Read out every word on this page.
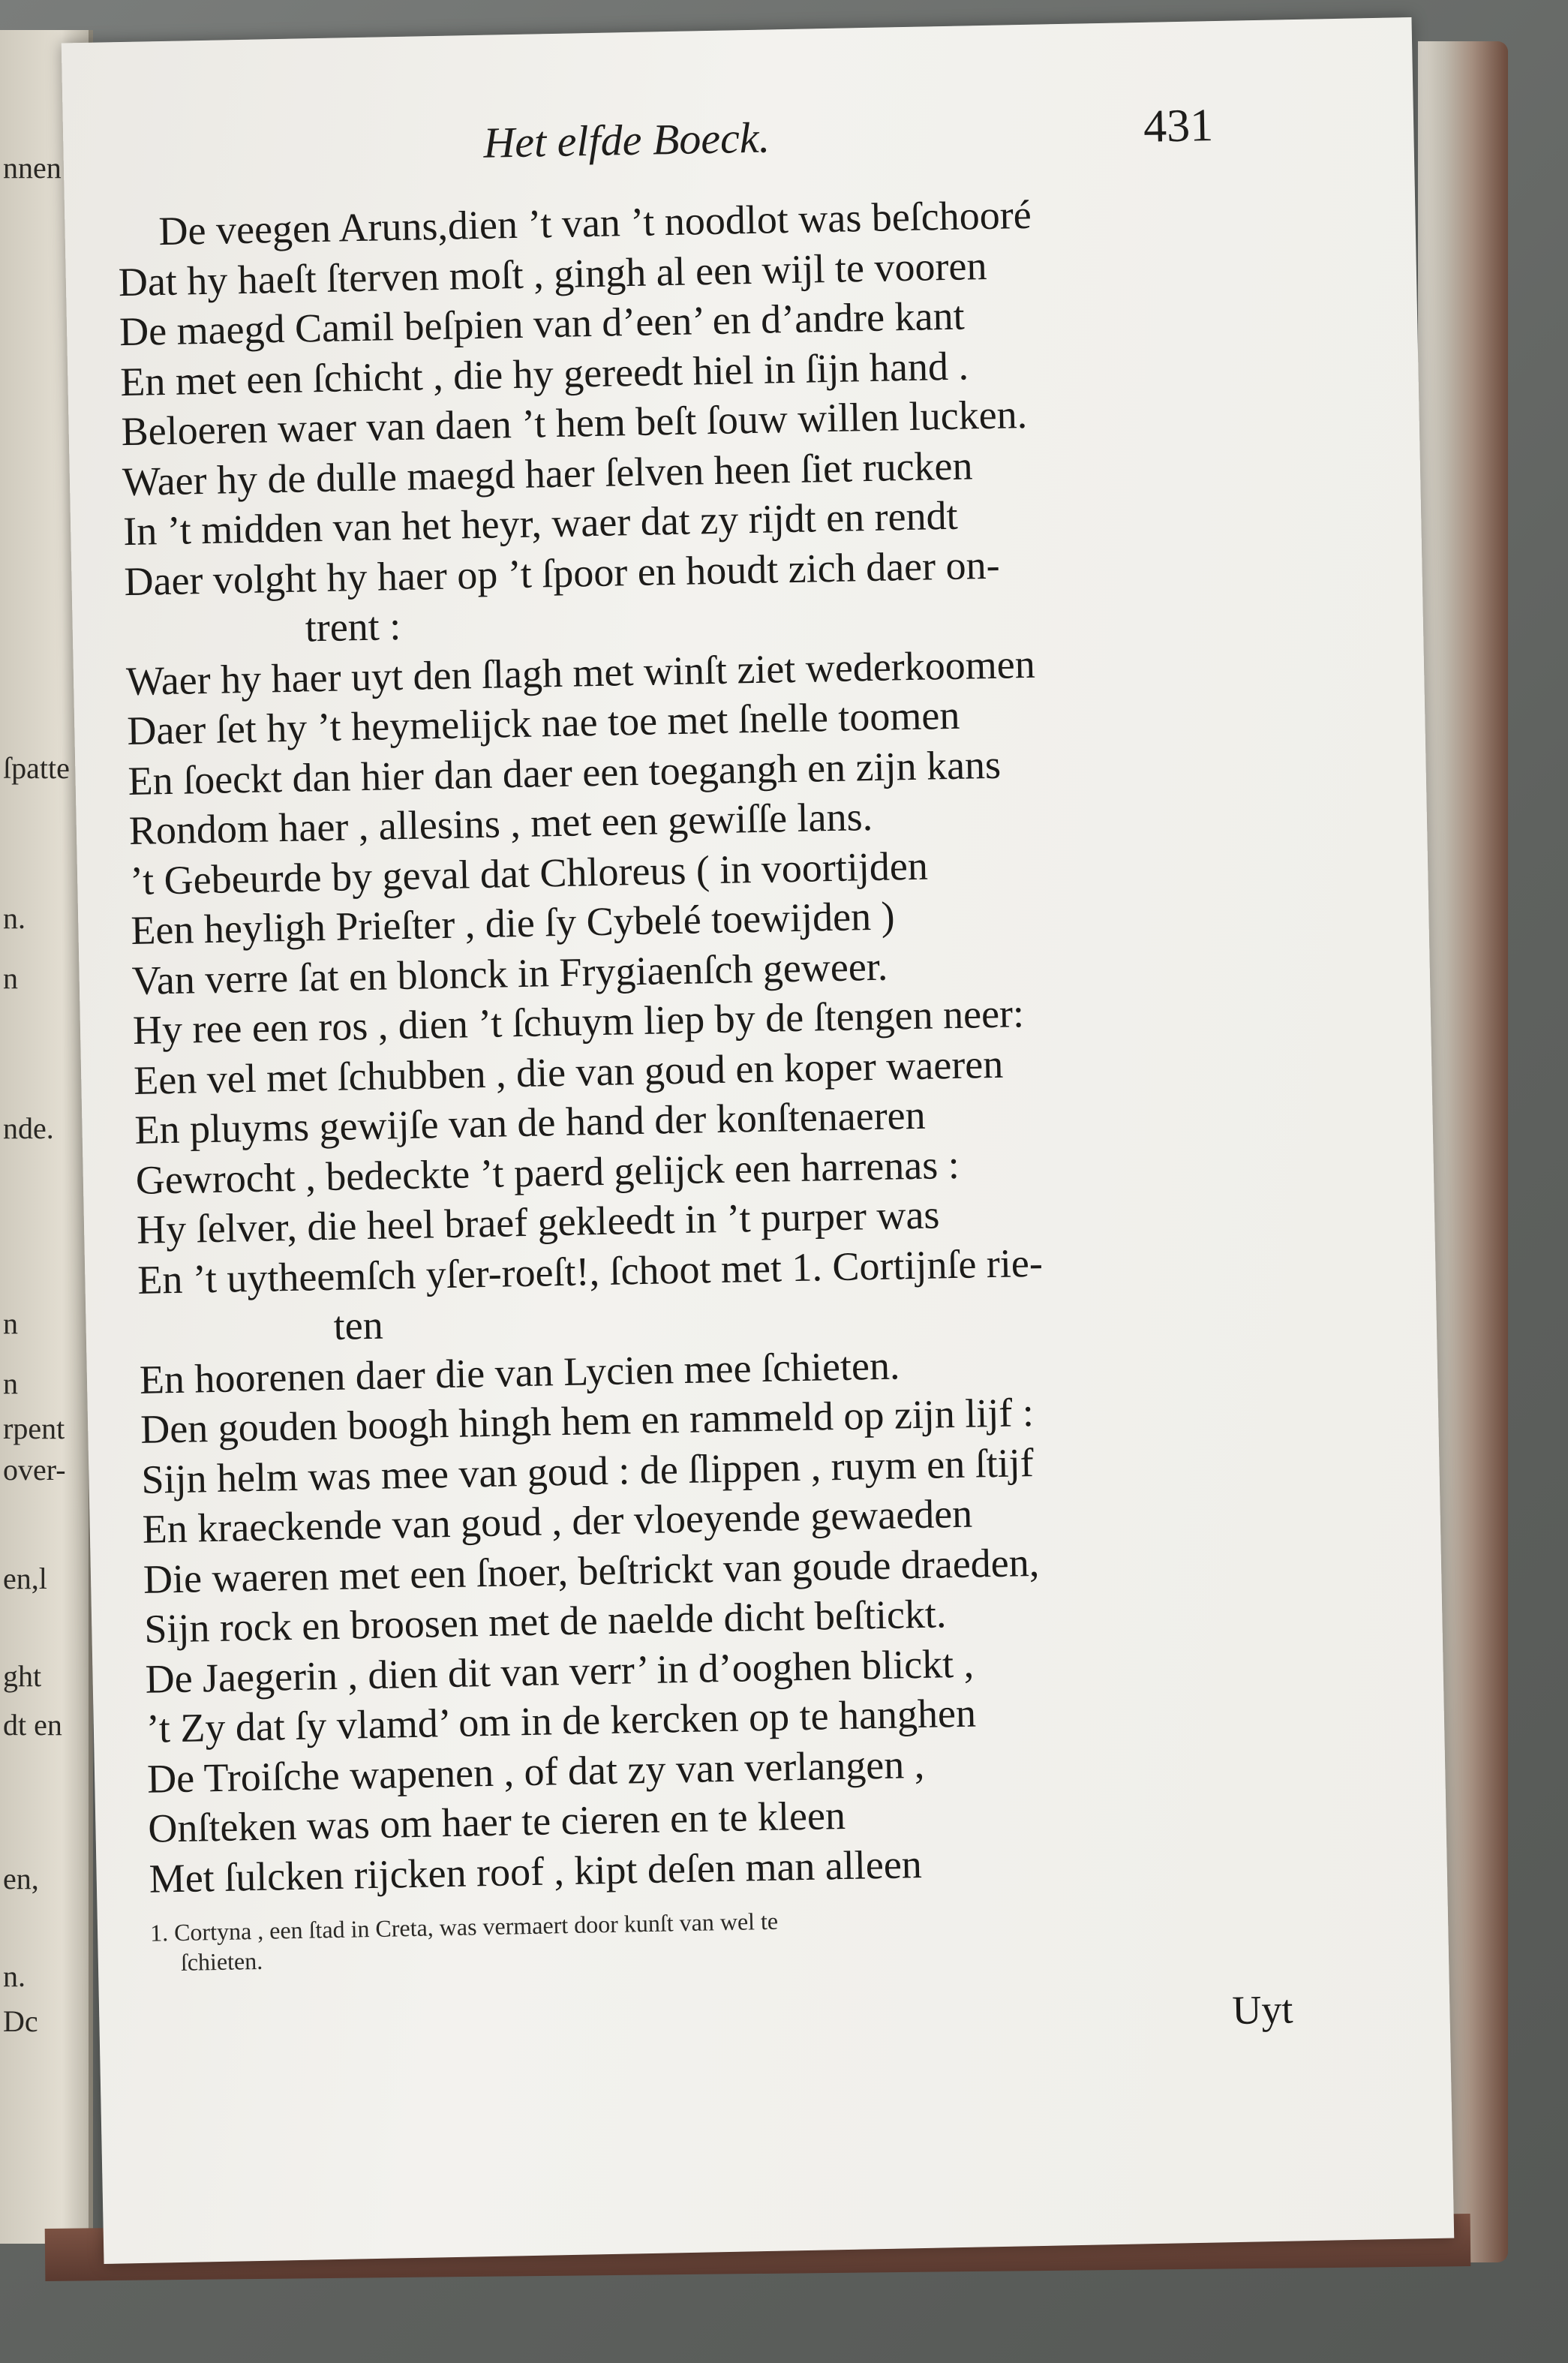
nnen
ſpatte
n.
n
nde.
n
n
rpent
over-
en,l
ght
dt en
en,
n.
Dc
Het elfde Boeck.	431
De veegen Aruns,dien ’t van ’t noodlot was beſchooré
Dat hy haeſt ſterven moſt , gingh al een wijl te vooren
De maegd Camil beſpien van d’een’ en d’andre kant
En met een ſchicht , die hy gereedt hiel in ſijn hand .
Beloeren waer van daen ’t hem beſt ſouw willen lucken.
Waer hy de dulle maegd haer ſelven heen ſiet rucken
In ’t midden van het heyr, waer dat zy rijdt en rendt
Daer volght hy haer op ’t ſpoor en houdt zich daer on-
trent :
Waer hy haer uyt den ſlagh met winſt ziet wederkoomen
Daer ſet hy ’t heymelijck nae toe met ſnelle toomen
En ſoeckt dan hier dan daer een toegangh en zijn kans
Rondom haer , allesins , met een gewiſſe lans.
’t Gebeurde by geval dat Chloreus ( in voortijden
Een heyligh Prieſter , die ſy Cybelé toewijden )
Van verre ſat en blonck in Frygiaenſch geweer.
Hy ree een ros , dien ’t ſchuym liep by de ſtengen neer:
Een vel met ſchubben , die van goud en koper waeren
En pluyms gewijſe van de hand der konſtenaeren
Gewrocht , bedeckte ’t paerd gelijck een harrenas :
Hy ſelver, die heel braef gekleedt in ’t purper was
En ’t uytheemſch yſer-roeſt!, ſchoot met 1. Cortijnſe rie-
ten
En hoorenen daer die van Lycien mee ſchieten.
Den gouden boogh hingh hem en rammeld op zijn lijf :
Sijn helm was mee van goud : de ſlippen , ruym en ſtijf
En kraeckende van goud , der vloeyende gewaeden
Die waeren met een ſnoer, beſtrickt van goude draeden,
Sijn rock en broosen met de naelde dicht beſtickt.
De Jaegerin , dien dit van verr’ in d’ooghen blickt ,
’t Zy dat ſy vlamd’ om in de kercken op te hanghen
De Troiſche wapenen , of dat zy van verlangen ,
Onſteken was om haer te cieren en te kleen
Met ſulcken rijcken roof , kipt deſen man alleen
1. Cortyna , een ſtad in Creta, was vermaert door kunſt van wel te
ſchieten.
Uyt
